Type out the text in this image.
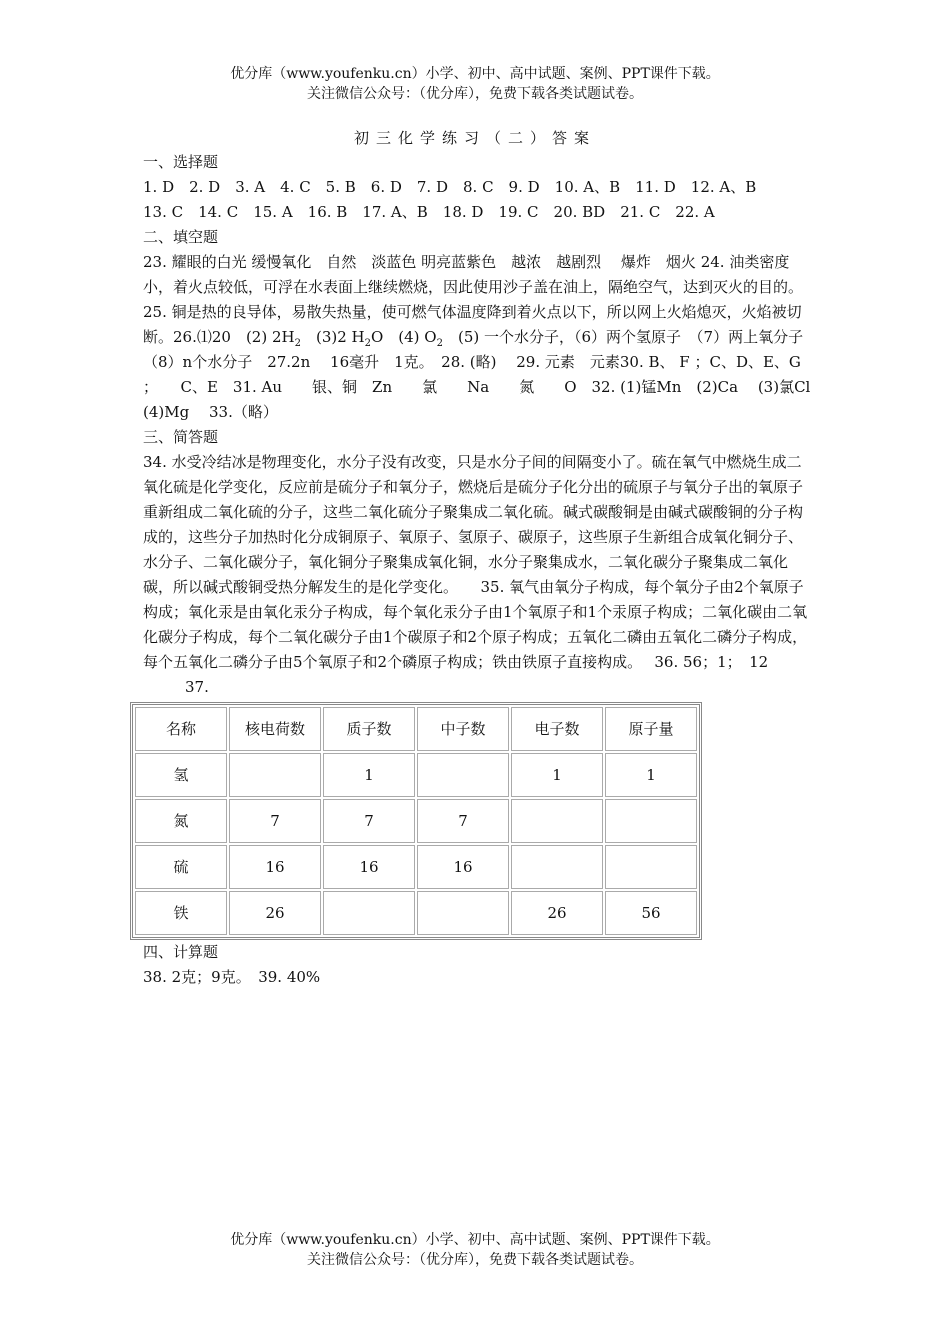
优分库（www.youfenku.cn）小学、初中、高中试题、案例、PPT课件下载。
关注微信公众号：（优分库），免费下载各类试题试卷。
初三化学练习（二）答案

一、选择题

1. D　2. D　3. A　4. C　5. B　6. D　7. D　8. C　9. D　10. A、B　11. D　12. A、B

13. C　14. C　15. A　16. B　17. A、B　18. D　19. C　20. BD　21. C　22. A

二、填空题

23. 耀眼的白光 缓慢氧化　自然　淡蓝色 明亮蓝紫色　越浓　越剧烈　 爆炸　烟火 24. 油类密度小，着火点较低，可浮在水表面上继续燃烧，因此使用沙子盖在油上，隔绝空气，达到灭火的目的。25. 铜是热的良导体，易散失热量，使可燃气体温度降到着火点以下，所以网上火焰熄灭，火焰被切断。26.⑴20　(2) $2H_2$　(3)2 $H_2O$　(4) $O_2$　(5) 一个水分子，（6）两个氢原子　（7）两上氧分子（8）n个水分子　27.2n　 16毫升　1克。　28. (略)　 29. 元素　元素30. B、 F ；C、D、E、G ；　　C、E　31. Au　　银、铜　Zn　　氯　　Na　　氮　　O　32. (1)锰Mn　(2)Ca　 (3)氯Cl (4)Mg　 33.（略）

三、简答题

34. 水受冷结冰是物理变化，水分子没有改变，只是水分子间的间隔变小了。硫在氧气中燃烧生成二氧化硫是化学变化，反应前是硫分子和氧分子，燃烧后是硫分子化分出的硫原子与氧分子出的氧原子重新组成二氧化硫的分子，这些二氧化硫分子聚集成二氧化硫。碱式碳酸铜是由碱式碳酸铜的分子构成的，这些分子加热时化分成铜原子、氧原子、氢原子、碳原子，这些原子生新组合成氧化铜分子、水分子、二氧化碳分子，氧化铜分子聚集成氧化铜，水分子聚集成水，二氧化碳分子聚集成二氧化碳，所以碱式酸铜受热分解发生的是化学变化。　　35. 氧气由氧分子构成，每个氧分子由2个氧原子构成；氧化汞是由氧化汞分子构成，每个氧化汞分子由1个氧原子和1个汞原子构成；二氧化碳由二氧化碳分子构成，每个二氧化碳分子由1个碳原子和2个原子构成；五氧化二磷由五氧化二磷分子构成，每个五氧化二磷分子由5个氧原子和2个磷原子构成；铁由铁原子直接构成。　 36. 56；1；　12

37.

名称	核电荷数	质子数	中子数	电子数	原子量
氢		1		1	1
氮	7	7	7		
硫	16	16	16		
铁	26			26	56

四、计算题

38. 2克；9克。　39. 40%

优分库（www.youfenku.cn）小学、初中、高中试题、案例、PPT课件下载。
关注微信公众号：（优分库），免费下载各类试题试卷。
